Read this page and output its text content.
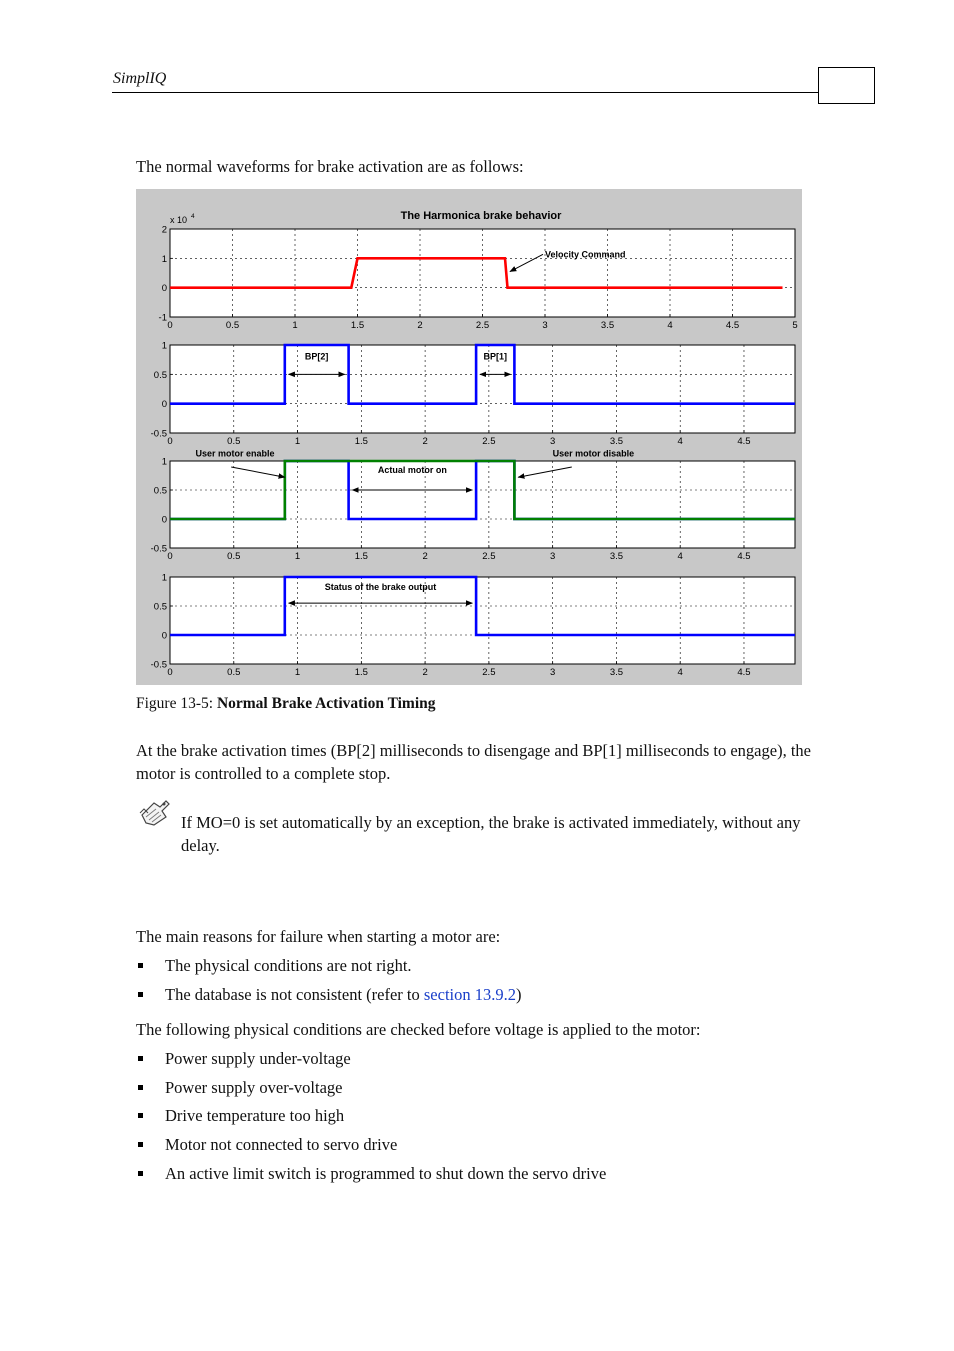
SimplIQ
The normal waveforms for brake activation are as follows:
The Harmonica brake behavior
0	0.5	1	1.5	2	2.5	3	3.5	4	4.5	5
2
1
0
-1
x 10 4
Velocity Command
0	0.5	1	1.5	2	2.5	3	3.5	4	4.5
1
0.5
0
-0.5
BP[2]	BP[1]
0	0.5	1	1.5	2	2.5	3	3.5	4	4.5
1
0.5
0
-0.5
User motor enable
Actual motor on
User motor disable
0	0.5	1	1.5	2	2.5	3	3.5	4	4.5
1
0.5
0
-0.5
Status of the brake output
Figure 13-5: Normal Brake Activation Timing
At the brake activation times (BP[2] milliseconds to disengage and BP[1] milliseconds to engage), the motor is controlled to a complete stop.
If MO=0 is set automatically by an exception, the brake is activated immediately, without any delay.
The main reasons for failure when starting a motor are:
The physical conditions are not right.
The database is not consistent (refer to section 13.9.2)
The following physical conditions are checked before voltage is applied to the motor:
Power supply under-voltage
Power supply over-voltage
Drive temperature too high
Motor not connected to servo drive
An active limit switch is programmed to shut down the servo drive
